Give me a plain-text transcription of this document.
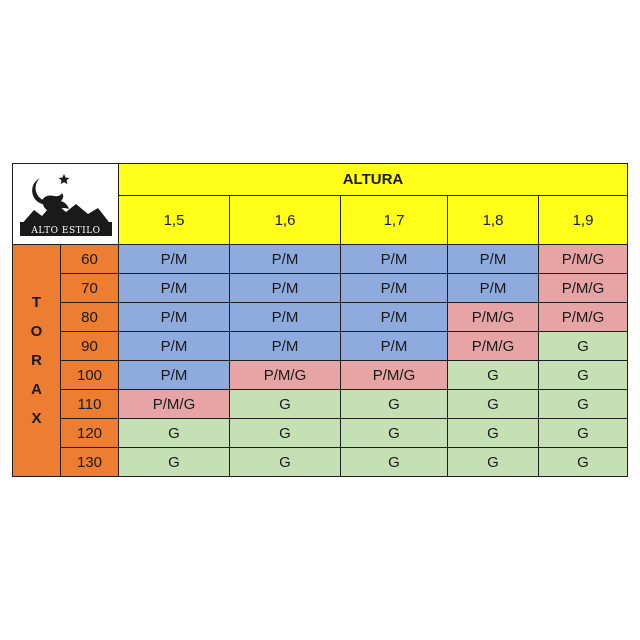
ALTO ESTILO		ALTURA				
		1,5	1,6	1,7	1,8	1,9

T
O
R
A
X	60	P/M	P/M	P/M	P/M	P/M/G
	70	P/M	P/M	P/M	P/M	P/M/G
	80	P/M	P/M	P/M	P/M/G	P/M/G
	90	P/M	P/M	P/M	P/M/G	G
	100	P/M	P/M/G	P/M/G	G	G
	110	P/M/G	G	G	G	G
	120	G	G	G	G	G
	130	G	G	G	G	G
